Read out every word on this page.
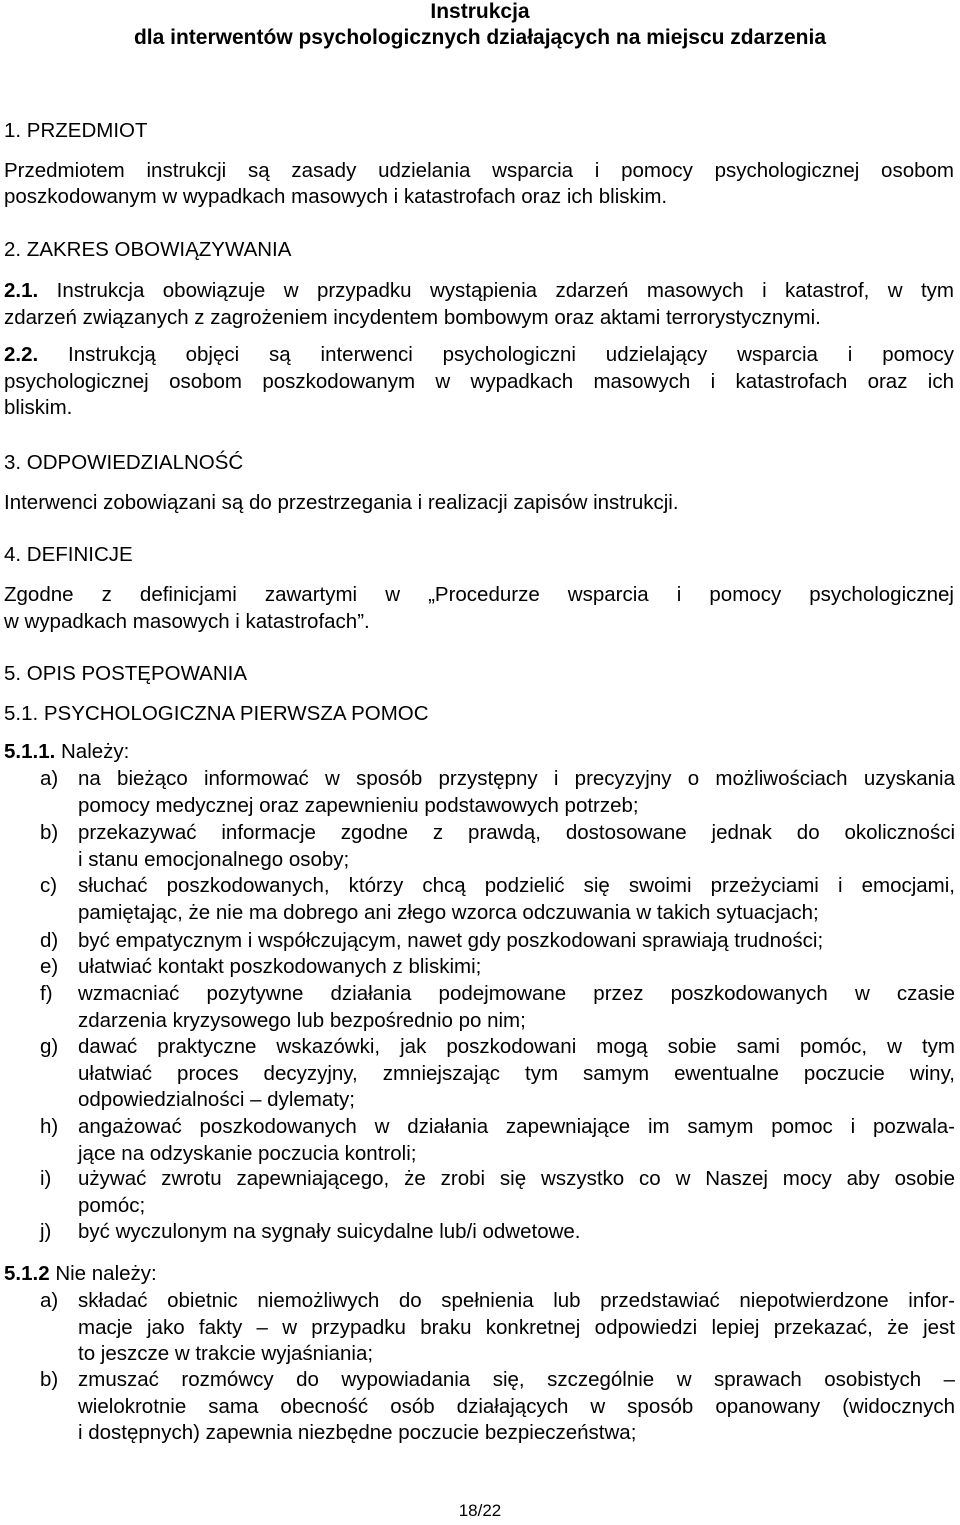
Instrukcja
dla interwentów psychologicznych działających na miejscu zdarzenia
1. PRZEDMIOT
Przedmiotem instrukcji są zasady udzielania wsparcia i pomocy psychologicznej osobom
poszkodowanym w wypadkach masowych i katastrofach oraz ich bliskim.
2. ZAKRES OBOWIĄZYWANIA
2.1. Instrukcja obowiązuje w przypadku wystąpienia zdarzeń masowych i katastrof, w tym
zdarzeń związanych z zagrożeniem incydentem bombowym oraz aktami terrorystycznymi.
2.2. Instrukcją objęci są interwenci psychologiczni udzielający wsparcia i pomocy
psychologicznej osobom poszkodowanym w wypadkach masowych i katastrofach oraz ich
bliskim.
3. ODPOWIEDZIALNOŚĆ
Interwenci zobowiązani są do przestrzegania i realizacji zapisów instrukcji.
4. DEFINICJE
Zgodne z definicjami zawartymi w „Procedurze wsparcia i pomocy psychologicznej
w wypadkach masowych i katastrofach”.
5. OPIS POSTĘPOWANIA
5.1. PSYCHOLOGICZNA PIERWSZA POMOC
5.1.1. Należy:
a) na bieżąco informować w sposób przystępny i precyzyjny o możliwościach uzyskania
pomocy medycznej oraz zapewnieniu podstawowych potrzeb;
b) przekazywać informacje zgodne z prawdą, dostosowane jednak do okoliczności
i stanu emocjonalnego osoby;
c) słuchać poszkodowanych, którzy chcą podzielić się swoimi przeżyciami i emocjami,
pamiętając, że nie ma dobrego ani złego wzorca odczuwania w takich sytuacjach;
d) być empatycznym i współczującym, nawet gdy poszkodowani sprawiają trudności;
e) ułatwiać kontakt poszkodowanych z bliskimi;
f) wzmacniać pozytywne działania podejmowane przez poszkodowanych w czasie
zdarzenia kryzysowego lub bezpośrednio po nim;
g) dawać praktyczne wskazówki, jak poszkodowani mogą sobie sami pomóc, w tym
ułatwiać proces decyzyjny, zmniejszając tym samym ewentualne poczucie winy,
odpowiedzialności – dylematy;
h) angażować poszkodowanych w działania zapewniające im samym pomoc i pozwala-
jące na odzyskanie poczucia kontroli;
i) używać zwrotu zapewniającego, że zrobi się wszystko co w Naszej mocy aby osobie
pomóc;
j) być wyczulonym na sygnały suicydalne lub/i odwetowe.
5.1.2 Nie należy:
a) składać obietnic niemożliwych do spełnienia lub przedstawiać niepotwierdzone infor-
macje jako fakty – w przypadku braku konkretnej odpowiedzi lepiej przekazać, że jest
to jeszcze w trakcie wyjaśniania;
b) zmuszać rozmówcy do wypowiadania się, szczególnie w sprawach osobistych –
wielokrotnie sama obecność osób działających w sposób opanowany (widocznych
i dostępnych) zapewnia niezbędne poczucie bezpieczeństwa;
18/22
